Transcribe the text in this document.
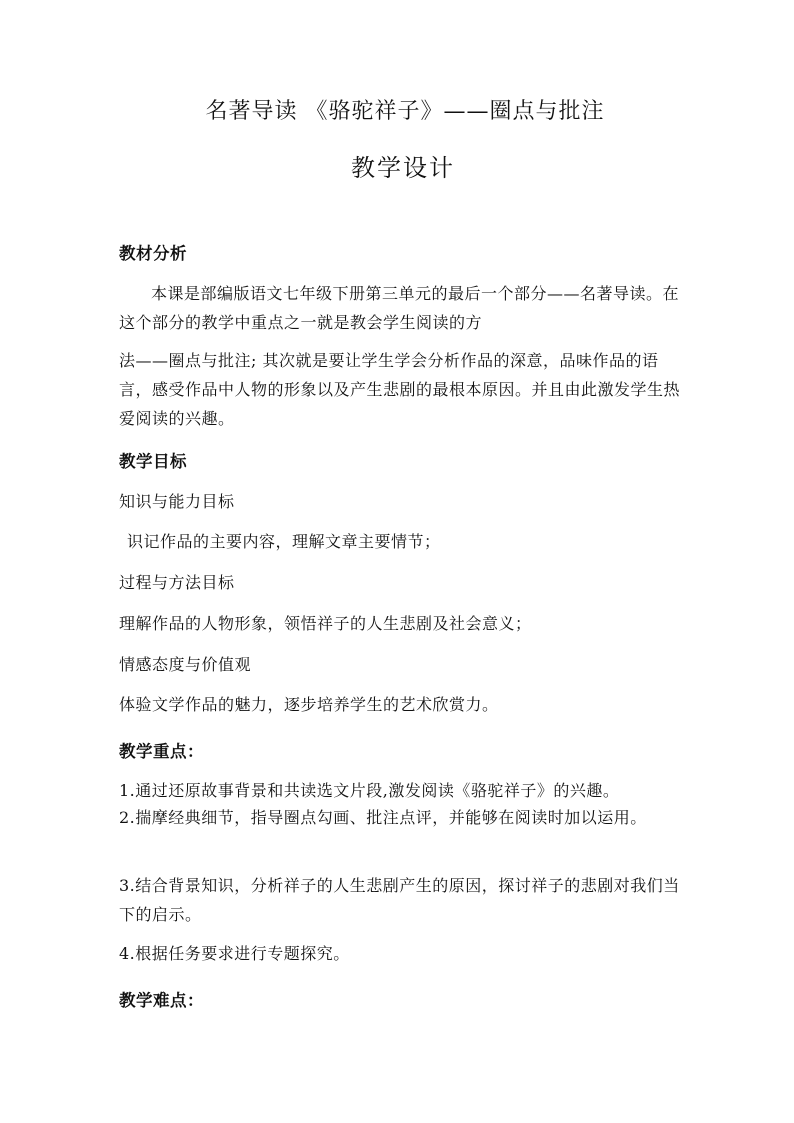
名著导读 《骆驼祥子》——圈点与批注
教学设计
教材分析
本课是部编版语文七年级下册第三单元的最后一个部分——名著导读。在这个部分的教学中重点之一就是教会学生阅读的方
法——圈点与批注; 其次就是要让学生学会分析作品的深意，品味作品的语言，感受作品中人物的形象以及产生悲剧的最根本原因。并且由此激发学生热爱阅读的兴趣。
教学目标
知识与能力目标
识记作品的主要内容，理解文章主要情节；
过程与方法目标
理解作品的人物形象，领悟祥子的人生悲剧及社会意义；
情感态度与价值观
体验文学作品的魅力，逐步培养学生的艺术欣赏力。
教学重点：
1.通过还原故事背景和共读选文片段,激发阅读《骆驼祥子》的兴趣。
2.揣摩经典细节，指导圈点勾画、批注点评，并能够在阅读时加以运用。
3.结合背景知识，分析祥子的人生悲剧产生的原因，探讨祥子的悲剧对我们当下的启示。
4.根据任务要求进行专题探究。
教学难点：
